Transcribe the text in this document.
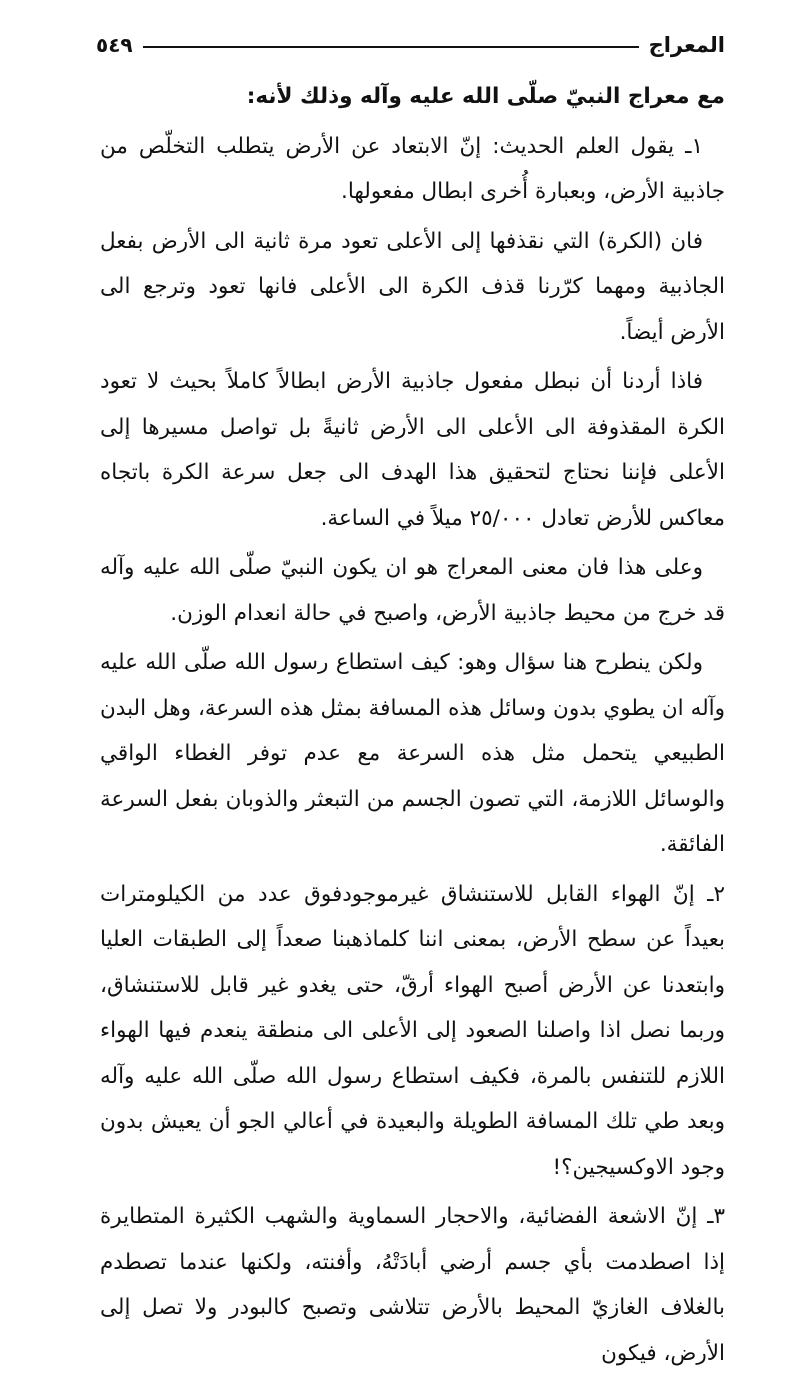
المعراج
٥٤٩

مع معراج النبيّ صلّى الله عليه وآله وذلك لأنه:

١ـ يقول العلم الحديث: إنّ الابتعاد عن الأرض يتطلب التخلّص من جاذبية الأرض، وبعبارة أُخرى ابطال مفعولها.

فان (الكرة) التي نقذفها إلى الأعلى تعود مرة ثانية الى الأرض بفعل الجاذبية ومهما كرّرنا قذف الكرة الى الأعلى فانها تعود وترجع الى الأرض أيضاً.

فاذا أردنا أن نبطل مفعول جاذبية الأرض ابطالاً كاملاً بحيث لا تعود الكرة المقذوفة الى الأعلى الى الأرض ثانيةً بل تواصل مسيرها إلى الأعلى فإننا نحتاج لتحقيق هذا الهدف الى جعل سرعة الكرة باتجاه معاكس للأرض تعادل ٢٥/٠٠٠ ميلاً في الساعة.

وعلى هذا فان معنى المعراج هو ان يكون النبيّ صلّى الله عليه وآله قد خرج من محيط جاذبية الأرض، واصبح في حالة انعدام الوزن.

ولكن ينطرح هنا سؤال وهو: كيف استطاع رسول الله صلّى الله عليه وآله ان يطوي بدون وسائل هذه المسافة بمثل هذه السرعة، وهل البدن الطبيعي يتحمل مثل هذه السرعة مع عدم توفر الغطاء الواقي والوسائل اللازمة، التي تصون الجسم من التبعثر والذوبان بفعل السرعة الفائقة.

٢ـ إنّ الهواء القابل للاستنشاق غيرموجودفوق عدد من الكيلومترات بعيداً عن سطح الأرض، بمعنى اننا كلماذهبنا صعداً إلى الطبقات العليا وابتعدنا عن الأرض أصبح الهواء أرقّ، حتى يغدو غير قابل للاستنشاق، وربما نصل اذا واصلنا الصعود إلى الأعلى الى منطقة ينعدم فيها الهواء اللازم للتنفس بالمرة، فكيف استطاع رسول الله صلّى الله عليه وآله وبعد طي تلك المسافة الطويلة والبعيدة في أعالي الجو أن يعيش بدون وجود الاوكسيجين؟!

٣ـ إنّ الاشعة الفضائية، والاحجار السماوية والشهب الكثيرة المتطايرة إذا اصطدمت بأي جسم أرضي أبادَتْهُ، وأفنته، ولكنها عندما تصطدم بالغلاف الغازيّ المحيط بالأرض تتلاشى وتصبح كالبودر ولا تصل إلى الأرض، فيكون
